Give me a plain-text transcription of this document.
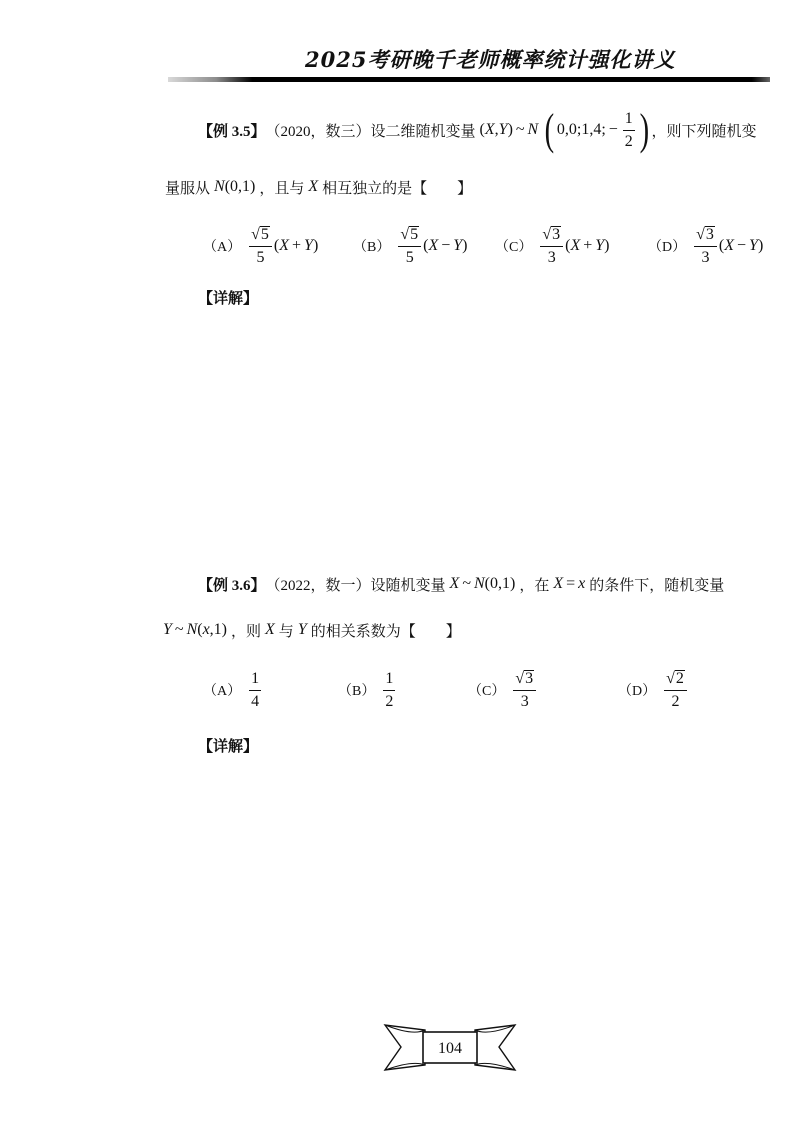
2025考研晚千老师概率统计强化讲义
【例 3.5】 （2020，数三） 设二维随机变量 (X,Y) ~ N ( 0,0;1,4; − $\frac{1}{2}$ ) ，则下列随机变
量服从 N(0,1) ，且与 X 相互独立的是【　　】
$(A) \frac{√5}{5} (X + Y)$ $(B) \frac{√5}{5} (X - Y)$ $(C) \frac{√3}{3} (X + Y)$	$(D) \frac{√3}{3} (X - Y)$
【详解】
【例 3.6】 （2022，数一） 设随机变量 X ~ N(0,1) ，在 X = x 的条件下，随机变量
Y ~ N(x,1) ，则 X 与 Y 的相关系数为【　　】
$(A) \frac{1}{4}$	$(B) \frac{1}{2}$	$(C) \frac{√3}{3}$	$(D) \frac{√2}{2}$
【详解】
104
